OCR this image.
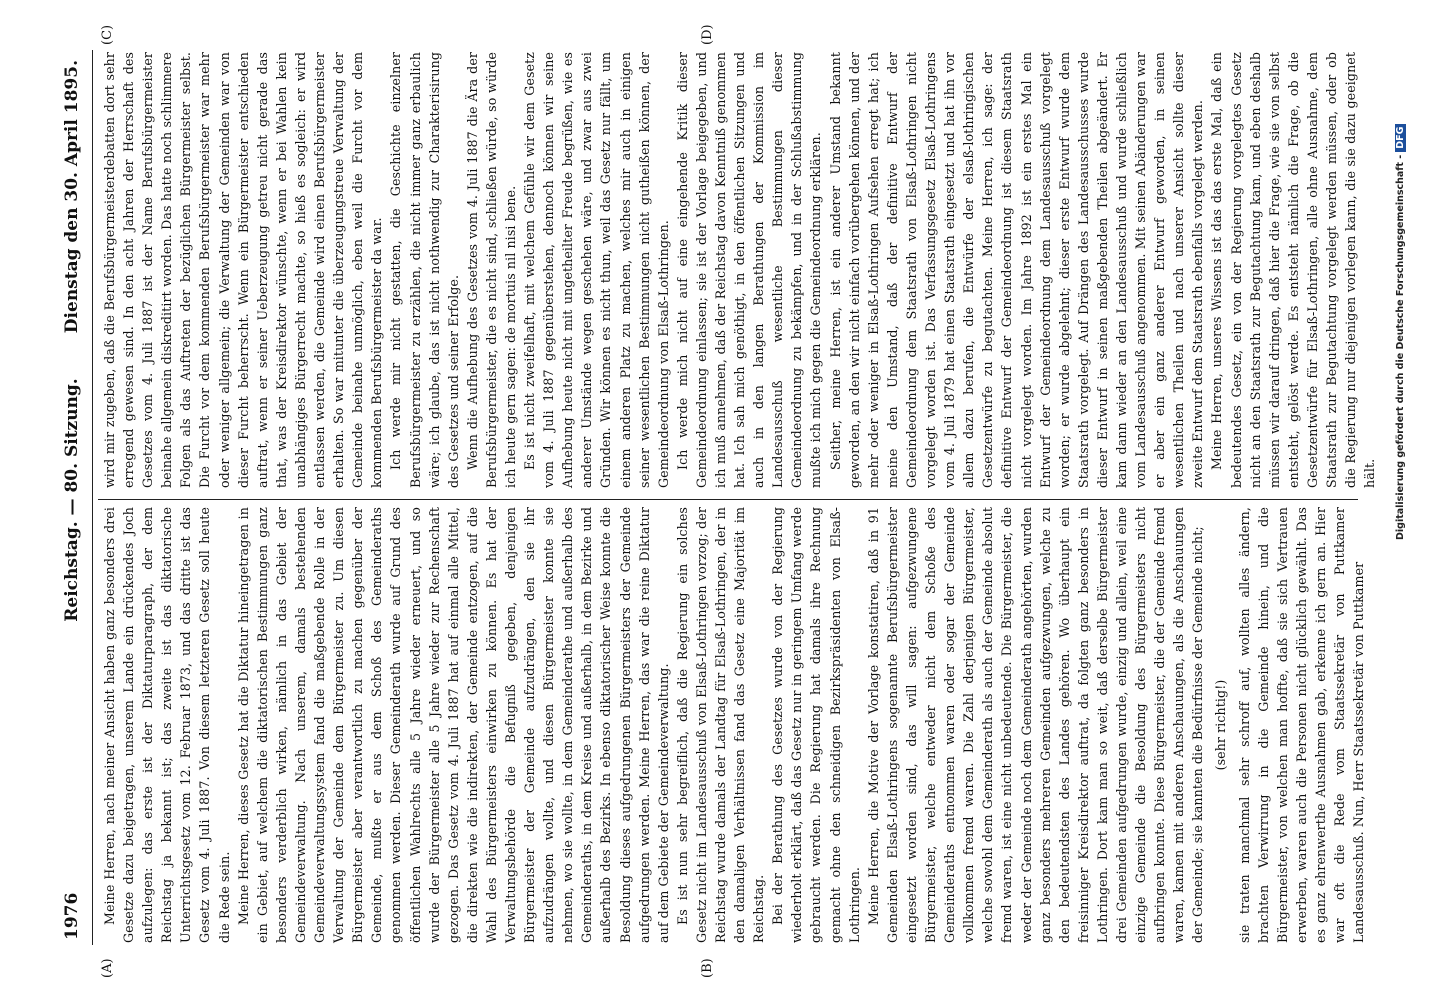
1976
Reichstag. — 80. Sitzung.
Dienstag den 30. April 1895.
(A)	(B)
(C)	(D)

Meine Herren, nach meiner Ansicht haben ganz besonders drei Gesetze dazu beigetragen, unserem Lande ein drückendes Joch aufzulegen: das erste ist der Diktaturparagraph, der dem Reichstag ja bekannt ist; das zweite ist das diktatorische Unterrichtsgesetz vom 12. Februar 1873, und das dritte ist das Gesetz vom 4. Juli 1887. Von diesem letzteren Gesetz soll heute die Rede sein. Meine Herren, dieses Gesetz hat die Diktatur hineingetragen in ein Gebiet, auf welchem die diktatorischen Bestimmungen ganz besonders verderblich wirken, nämlich in das Gebiet der Gemeindeverwaltung. Nach unserem, damals bestehenden Gemeindeverwaltungssystem fand die maßgebende Rolle in der Verwaltung der Gemeinde dem Bürgermeister zu. Um diesen Bürgermeister aber verantwortlich zu machen gegenüber der Gemeinde, mußte er aus dem Schoß des Gemeinderaths genommen werden. Dieser Gemeinderath wurde auf Grund des öffentlichen Wahlrechts alle 5 Jahre wieder erneuert, und so wurde der Bürgermeister alle 5 Jahre wieder zur Rechenschaft gezogen. Das Gesetz vom 4. Juli 1887 hat auf einmal alle Mittel, die direkten wie die indirekten, der Gemeinde entzogen, auf die Wahl des Bürgermeisters einwirken zu können. Es hat der Verwaltungsbehörde die Befugniß gegeben, denjenigen Bürgermeister der Gemeinde aufzudrängen, den sie ihr aufzudrängen wollte, und diesen Bürgermeister konnte sie nehmen, wo sie wollte, in dem Gemeinderathe und außerhalb des Gemeinderaths, in dem Kreise und außerhalb, in dem Bezirke und außerhalb des Bezirks. In ebenso diktatorischer Weise konnte die Besoldung dieses aufgedrungenen Bürgermeisters der Gemeinde aufgedrungen werden. Meine Herren, das war die reine Diktatur auf dem Gebiete der Gemeindeverwaltung. Es ist nun sehr begreiflich, daß die Regierung ein solches Gesetz nicht im Landesausschuß von Elsaß-Lothringen vorzog; der Reichstag wurde damals der Landtag für Elsaß-Lothringen, der in den damaligen Verhältnissen fand das Gesetz eine Majorität im Reichstag. Bei der Berathung des Gesetzes wurde von der Regierung wiederholt erklärt, daß das Gesetz nur in geringem Umfang werde gebraucht werden. Die Regierung hat damals ihre Rechnung gemacht ohne den schneidigen Bezirkspräsidenten von Elsaß-Lothringen. Meine Herren, die Motive der Vorlage konstatiren, daß in 91 Gemeinden Elsaß-Lothringens sogenannte Berufsbürgermeister eingesetzt worden sind, das will sagen: aufgezwungene Bürgermeister, welche entweder nicht dem Schoße des Gemeinderaths entnommen waren oder sogar der Gemeinde vollkommen fremd waren. Die Zahl derjenigen Bürgermeister, welche sowohl dem Gemeinderath als auch der Gemeinde absolut fremd waren, ist eine nicht unbedeutende. Die Bürgermeister, die weder der Gemeinde noch dem Gemeinderath angehörten, wurden ganz besonders mehreren Gemeinden aufgezwungen, welche zu den bedeutendsten des Landes gehören. Wo überhaupt ein freisinniger Kreisdirektor auftrat, da folgten ganz besonders in Lothringen. Dort kam man so weit, daß derselbe Bürgermeister drei Gemeinden aufgedrungen wurde, einzig und allein, weil eine einzige Gemeinde die Besoldung des Bürgermeisters nicht aufbringen konnte. Diese Bürgermeister, die der Gemeinde fremd waren, kamen mit anderen Anschauungen, als die Anschauungen der Gemeinde; sie kannten die Bedürfnisse der Gemeinde nicht; (sehr richtig!) sie traten manchmal sehr schroff auf, wollten alles ändern, brachten Verwirrung in die Gemeinde hinein, und die Bürgermeister, von welchen man hoffte, daß sie sich Vertrauen erwerben, waren auch die Personen nicht glücklich gewählt. Das es ganz ehrenwerthe Ausnahmen gab, erkenne ich gern an. Hier war oft die Rede vom Staatssekretär von Puttkamer Landesausschuß. Nun, Herr Staatssekretär von Puttkamer

wird mir zugeben, daß die Berufsbürgermeisterdebatten dort sehr erregend gewesen sind. In den acht Jahren der Herrschaft des Gesetzes vom 4. Juli 1887 ist der Name Berufsbürgermeister beinahe allgemein diskreditirt worden. Das hatte noch schlimmere Folgen als das Auftreten der bezüglichen Bürgermeister selbst. Die Furcht vor dem kommenden Berufsbürgermeister war mehr oder weniger allgemein; die Verwaltung der Gemeinden war von dieser Furcht beherrscht. Wenn ein Bürgermeister entschieden auftrat, wenn er seiner Ueberzeugung getreu nicht gerade das that, was der Kreisdirektor wünschte, wenn er bei Wahlen kein unabhängiges Bürgerrecht machte, so hieß es sogleich: er wird entlassen werden, die Gemeinde wird einen Berufsbürgermeister erhalten. So war mitunter die überzeugungstreue Verwaltung der Gemeinde beinahe unmöglich, eben weil die Furcht vor dem kommenden Berufsbürgermeister da war. Ich werde mir nicht gestatten, die Geschichte einzelner Berufsbürgermeister zu erzählen, die nicht immer ganz erbaulich wäre; ich glaube, das ist nicht nothwendig zur Charakterisirung des Gesetzes und seiner Erfolge. Wenn die Aufhebung des Gesetzes vom 4. Juli 1887 die Ära der Berufsbürgermeister, die es nicht sind, schließen würde, so würde ich heute gern sagen: de mortuis nil nisi bene. Es ist nicht zweifelhaft, mit welchem Gefühle wir dem Gesetz vom 4. Juli 1887 gegenüberstehen, dennoch können wir seine Aufhebung heute nicht mit ungetheilter Freude begrüßen, wie es anderer Umstände wegen geschehen wäre, und zwar aus zwei Gründen. Wir können es nicht thun, weil das Gesetz nur fällt, um einem anderen Platz zu machen, welches mir auch in einigen seiner wesentlichen Bestimmungen nicht gutheißen können, der Gemeindeordnung von Elsaß-Lothringen. Ich werde mich nicht auf eine eingehende Kritik dieser Gemeindeordnung einlassen; sie ist der Vorlage beigegeben, und ich muß annehmen, daß der Reichstag davon Kenntniß genommen hat. Ich sah mich genöthigt, in den öffentlichen Sitzungen und auch in den langen Berathungen der Kommission im Landesausschuß wesentliche Bestimmungen dieser Gemeindeordnung zu bekämpfen, und in der Schlußabstimmung mußte ich mich gegen die Gemeindeordnung erklären. Seither, meine Herren, ist ein anderer Umstand bekannt geworden, an den wir nicht einfach vorübergehen können, und der mehr oder weniger in Elsaß-Lothringen Aufsehen erregt hat; ich meine den Umstand, daß der definitive Entwurf der Gemeindeordnung dem Staatsrath von Elsaß-Lothringen nicht vorgelegt worden ist. Das Verfassungsgesetz Elsaß-Lothringens vom 4. Juli 1879 hat einen Staatsrath eingesetzt und hat ihn vor allem dazu berufen, die Entwürfe der elsaß-lothringischen Gesetzentwürfe zu begutachten. Meine Herren, ich sage: der definitive Entwurf der Gemeindeordnung ist diesem Staatsrath nicht vorgelegt worden. Im Jahre 1892 ist ein erstes Mal ein Entwurf der Gemeindeordnung dem Landesausschuß vorgelegt worden; er wurde abgelehnt; dieser erste Entwurf wurde dem Staatsrath vorgelegt. Auf Drängen des Landesausschusses wurde dieser Entwurf in seinen maßgebenden Theilen abgeändert. Er kam dann wieder an den Landesausschuß und wurde schließlich vom Landesausschuß angenommen. Mit seinen Abänderungen war er aber ein ganz anderer Entwurf geworden, in seinen wesentlichen Theilen und nach unserer Ansicht sollte dieser zweite Entwurf dem Staatsrath ebenfalls vorgelegt werden. Meine Herren, unseres Wissens ist das das erste Mal, daß ein bedeutendes Gesetz, ein von der Regierung vorgelegtes Gesetz nicht an den Staatsrath zur Begutachtung kam, und eben deshalb müssen wir darauf dringen, daß hier die Frage, wie sie von selbst entsteht, gelöst werde. Es entsteht nämlich die Frage, ob die Gesetzentwürfe für Elsaß-Lothringen, alle ohne Ausnahme, dem Staatsrath zur Begutachtung vorgelegt werden müssen, oder ob die Regierung nur diejenigen vorlegen kann, die sie dazu geeignet hält. Digitalisierung gefördert durch die Deutsche Forschungsgemeinschaft -DFG
